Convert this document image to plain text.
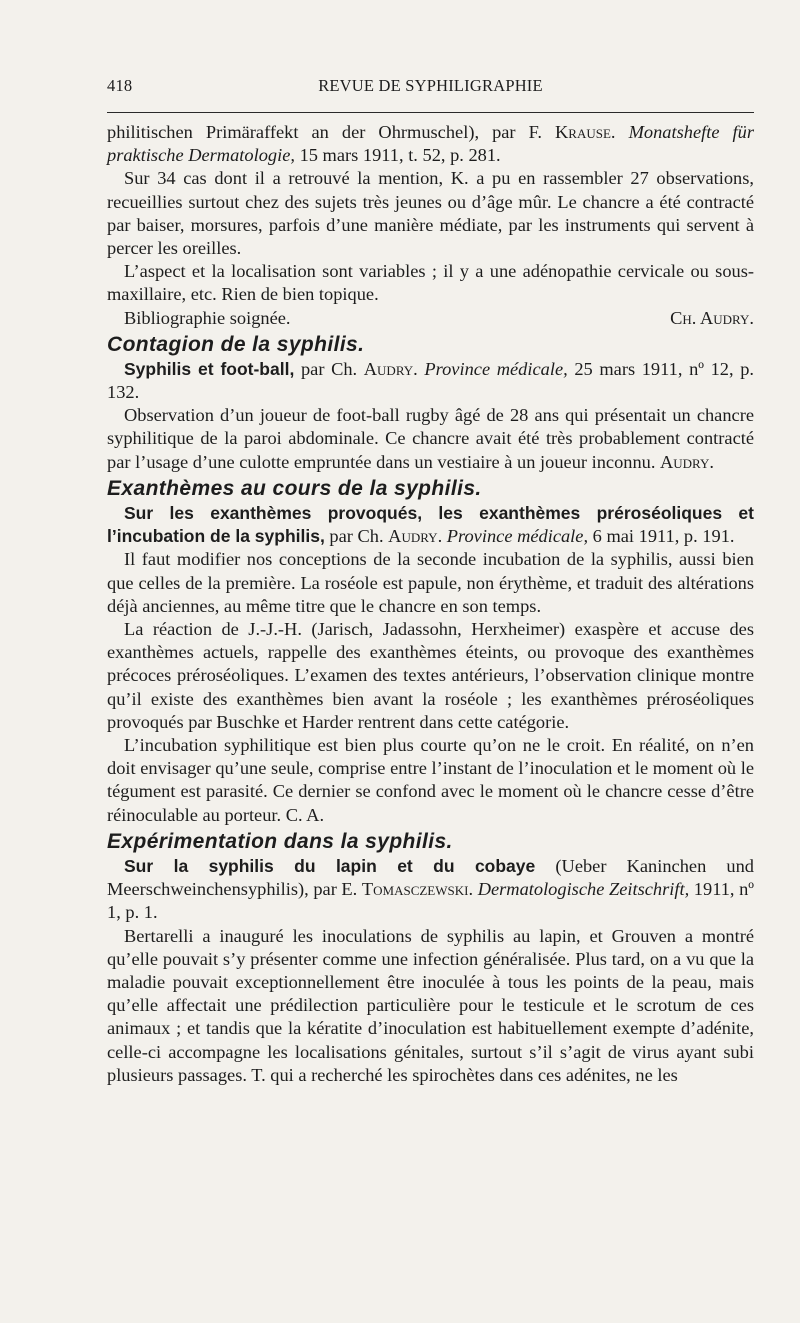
418	REVUE DE SYPHILIGRAPHIE

philitischen Primäraffekt an der Ohrmuschel), par F. Krause. Monatshefte für praktische Dermatologie, 15 mars 1911, t. 52, p. 281.

Sur 34 cas dont il a retrouvé la mention, K. a pu en rassembler 27 observations, recueillies surtout chez des sujets très jeunes ou d’âge mûr. Le chancre a été contracté par baiser, morsures, parfois d’une manière médiate, par les instruments qui servent à percer les oreilles.

L’aspect et la localisation sont variables ; il y a une adénopathie cervicale ou sous-maxillaire, etc. Rien de bien topique.

Bibliographie soignée.	Ch. Audry.

Contagion de la syphilis.

Syphilis et foot-ball, par Ch. Audry. Province médicale, 25 mars 1911, nº 12, p. 132.

Observation d’un joueur de foot-ball rugby âgé de 28 ans qui présentait un chancre syphilitique de la paroi abdominale. Ce chancre avait été très probablement contracté par l’usage d’une culotte empruntée dans un vestiaire à un joueur inconnu. Audry.

Exanthèmes au cours de la syphilis.

Sur les exanthèmes provoqués, les exanthèmes préroséoliques et l’incubation de la syphilis, par Ch. Audry. Province médicale, 6 mai 1911, p. 191.

Il faut modifier nos conceptions de la seconde incubation de la syphilis, aussi bien que celles de la première. La roséole est papule, non érythème, et traduit des altérations déjà anciennes, au même titre que le chancre en son temps.

La réaction de J.-J.-H. (Jarisch, Jadassohn, Herxheimer) exaspère et accuse des exanthèmes actuels, rappelle des exanthèmes éteints, ou provoque des exanthèmes précoces préroséoliques. L’examen des textes antérieurs, l’observation clinique montre qu’il existe des exanthèmes bien avant la roséole ; les exanthèmes préroséoliques provoqués par Buschke et Harder rentrent dans cette catégorie.

L’incubation syphilitique est bien plus courte qu’on ne le croit. En réalité, on n’en doit envisager qu’une seule, comprise entre l’instant de l’inoculation et le moment où le tégument est parasité. Ce dernier se confond avec le moment où le chancre cesse d’être réinoculable au porteur. C. A.

Expérimentation dans la syphilis.

Sur la syphilis du lapin et du cobaye (Ueber Kaninchen und Meerschweinchensyphilis), par E. Tomasczewski. Dermatologische Zeitschrift, 1911, nº 1, p. 1.

Bertarelli a inauguré les inoculations de syphilis au lapin, et Grouven a montré qu’elle pouvait s’y présenter comme une infection généralisée. Plus tard, on a vu que la maladie pouvait exceptionnellement être inoculée à tous les points de la peau, mais qu’elle affectait une prédilection particulière pour le testicule et le scrotum de ces animaux ; et tandis que la kératite d’inoculation est habituellement exempte d’adénite, celle-ci accompagne les localisations génitales, surtout s’il s’agit de virus ayant subi plusieurs passages. T. qui a recherché les spirochètes dans ces adénites, ne les
